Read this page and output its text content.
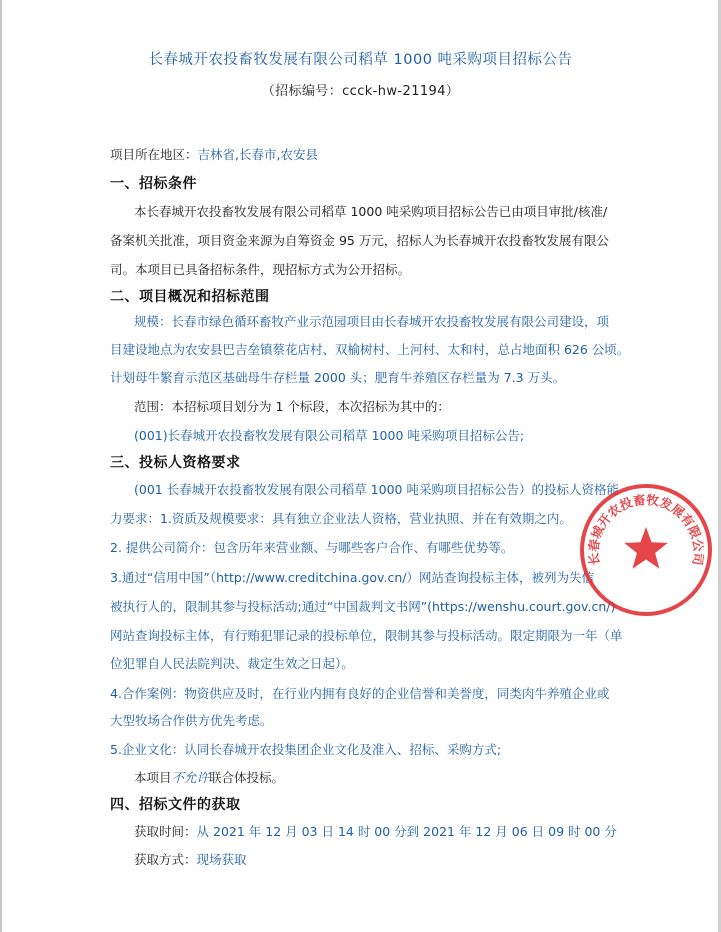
长春城开农投畜牧发展有限公司稻草 1000 吨采购项目招标公告
（招标编号：ccck-hw-21194）
项目所在地区：吉林省,长春市,农安县
一、招标条件
本长春城开农投畜牧发展有限公司稻草 1000 吨采购项目招标公告已由项目审批/核准/
备案机关批准，项目资金来源为自筹资金 95 万元，招标人为长春城开农投畜牧发展有限公
司。本项目已具备招标条件，现招标方式为公开招标。
二、项目概况和招标范围
规模：长春市绿色循环畜牧产业示范园项目由长春城开农投畜牧发展有限公司建设，项
目建设地点为农安县巴吉垒镇蔡花店村、双榆树村、上河村、太和村，总占地面积 626 公顷。
计划母牛繁育示范区基础母牛存栏量 2000 头；肥育牛养殖区存栏量为 7.3 万头。
范围：本招标项目划分为 1 个标段，本次招标为其中的：
(001)长春城开农投畜牧发展有限公司稻草 1000 吨采购项目招标公告;
三、投标人资格要求
(001 长春城开农投畜牧发展有限公司稻草 1000 吨采购项目招标公告）的投标人资格能
力要求：1.资质及规模要求：具有独立企业法人资格，营业执照、并在有效期之内。
2. 提供公司简介：包含历年来营业额、与哪些客户合作、有哪些优势等。
3.通过“信用中国”（http://www.creditchina.gov.cn/）网站查询投标主体，被列为失信
被执行人的，限制其参与投标活动;通过“中国裁判文书网”(https://wenshu.court.gov.cn/)
网站查询投标主体，有行贿犯罪记录的投标单位，限制其参与投标活动。限定期限为一年（单
位犯罪自人民法院判决、裁定生效之日起）。
4.合作案例：物资供应及时，在行业内拥有良好的企业信誉和美誉度，同类肉牛养殖企业或
大型牧场合作供方优先考虑。
5.企业文化：认同长春城开农投集团企业文化及准入、招标、采购方式;
本项目不允许联合体投标。
四、招标文件的获取
获取时间：从 2021 年 12 月 03 日 14 时 00 分到 2021 年 12 月 06 日 09 时 00 分
获取方式：现场获取
长春城开农投畜牧发展有限公司
